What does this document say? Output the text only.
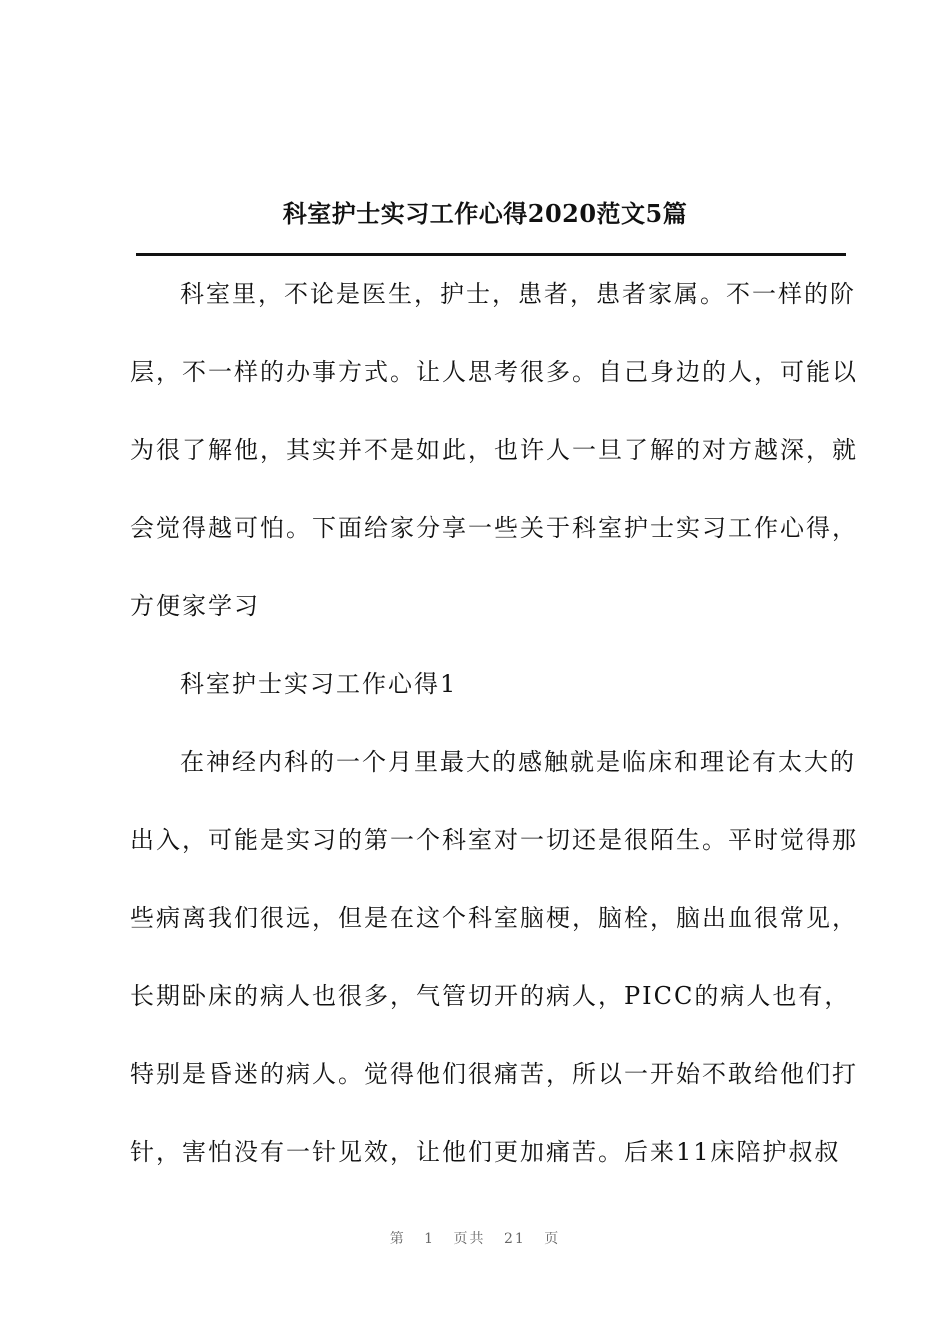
科室护士实习工作心得2020范文5篇
科室里，不论是医生，护士，患者，患者家属。不一样的阶
层，不一样的办事方式。让人思考很多。自己身边的人，可能以
为很了解他，其实并不是如此，也许人一旦了解的对方越深，就
会觉得越可怕。下面给家分享一些关于科室护士实习工作心得，
方便家学习
科室护士实习工作心得1
在神经内科的一个月里最大的感触就是临床和理论有太大的
出入，可能是实习的第一个科室对一切还是很陌生。平时觉得那
些病离我们很远，但是在这个科室脑梗，脑栓，脑出血很常见，
长期卧床的病人也很多，气管切开的病人，PICC的病人也有，
特别是昏迷的病人。觉得他们很痛苦，所以一开始不敢给他们打
针，害怕没有一针见效，让他们更加痛苦。后来11床陪护叔叔
第 1 页共 21 页
